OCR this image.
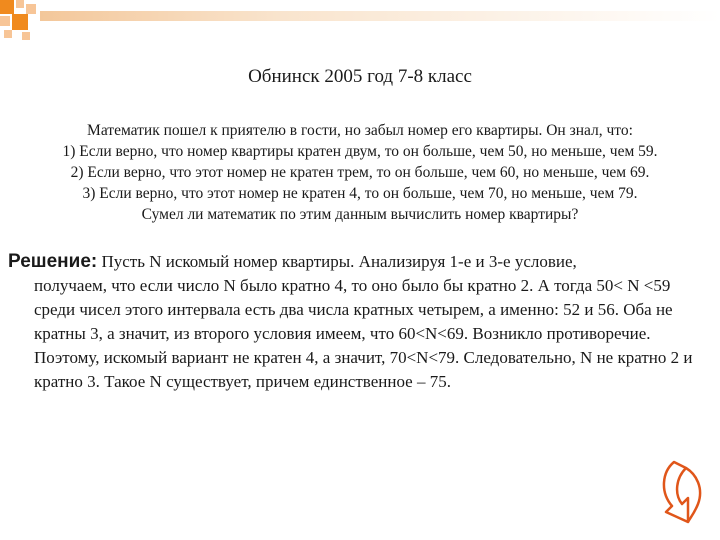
Обнинск 2005 год 7-8 класс
Математик пошел к приятелю в гости, но забыл номер его квартиры. Он знал, что:
1) Если верно, что номер квартиры кратен двум, то он больше, чем 50, но меньше, чем 59.
2) Если верно, что этот номер не кратен трем, то он больше, чем 60, но меньше, чем 69.
3) Если верно, что этот номер не кратен 4, то он больше, чем 70, но меньше, чем 79.
Сумел ли математик по этим данным вычислить номер квартиры?
Решение: Пусть N искомый номер квартиры. Анализируя 1-е и 3-е условие,
получаем, что если число N было кратно 4, то оно было бы кратно 2. А тогда 50< N <59 среди чисел этого интервала есть два числа кратных четырем, а именно: 52 и 56. Оба не кратны 3, а значит, из второго условия имеем, что 60<N<69. Возникло противоречие. Поэтому, искомый вариант не кратен 4, а значит, 70<N<79. Следовательно, N не кратно 2 и кратно 3. Такое N существует, причем единственное – 75.
